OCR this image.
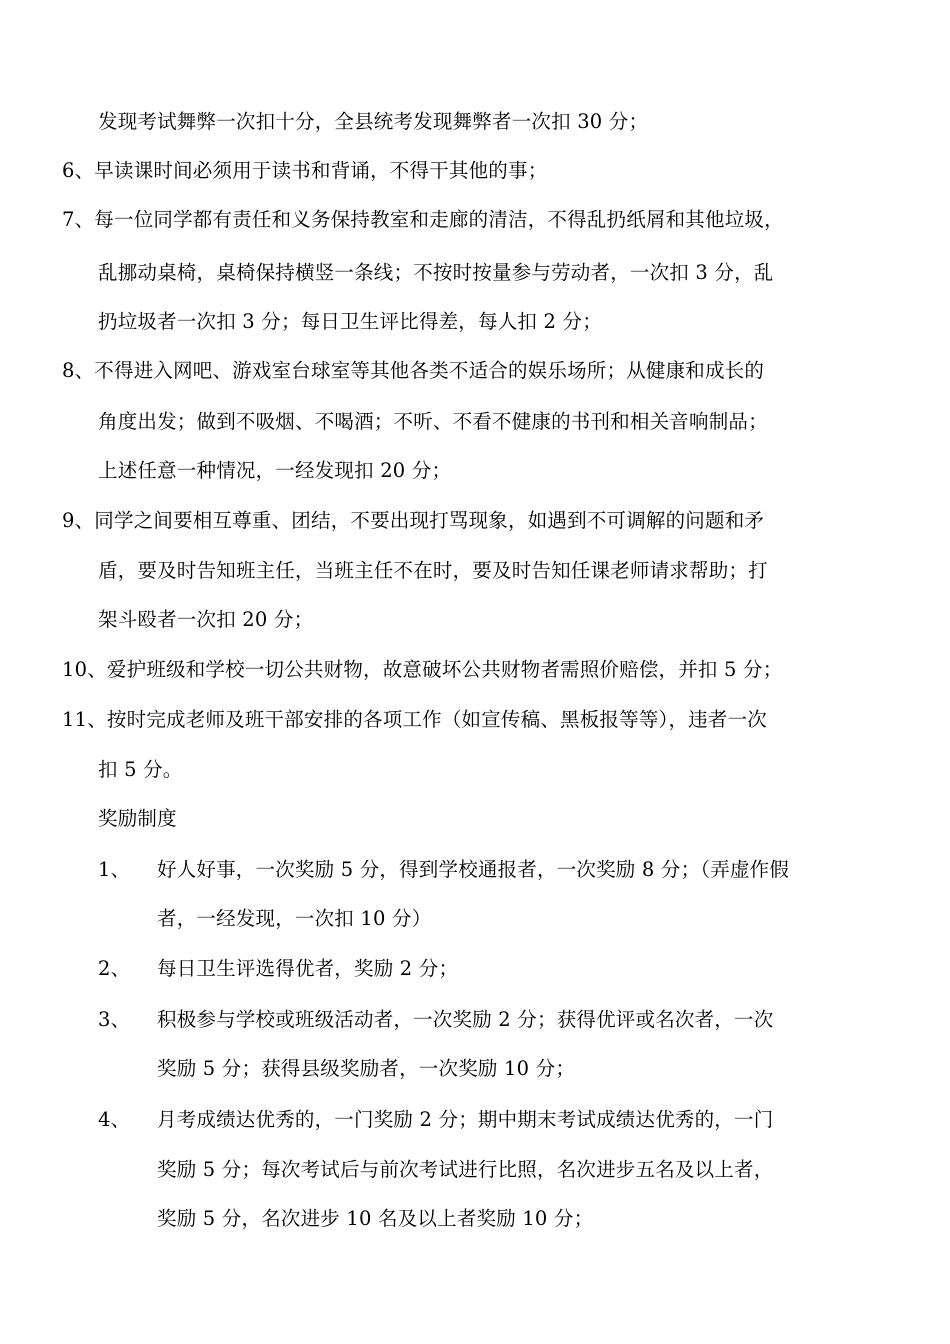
发现考试舞弊一次扣十分，全县统考发现舞弊者一次扣 30 分；
6、早读课时间必须用于读书和背诵，不得干其他的事；
7、每一位同学都有责任和义务保持教室和走廊的清洁，不得乱扔纸屑和其他垃圾，
乱挪动桌椅，桌椅保持横竖一条线；不按时按量参与劳动者，一次扣 3 分，乱
扔垃圾者一次扣 3 分；每日卫生评比得差，每人扣 2 分；
8、不得进入网吧、游戏室台球室等其他各类不适合的娱乐场所；从健康和成长的
角度出发；做到不吸烟、不喝酒；不听、不看不健康的书刊和相关音响制品；
上述任意一种情况，一经发现扣 20 分；
9、同学之间要相互尊重、团结，不要出现打骂现象，如遇到不可调解的问题和矛
盾，要及时告知班主任，当班主任不在时，要及时告知任课老师请求帮助；打
架斗殴者一次扣 20 分；
10、爱护班级和学校一切公共财物，故意破坏公共财物者需照价赔偿，并扣 5 分；
11、按时完成老师及班干部安排的各项工作（如宣传稿、黑板报等等），违者一次
扣 5 分。
奖励制度
1、 好人好事，一次奖励 5 分，得到学校通报者，一次奖励 8 分；（弄虚作假
者，一经发现，一次扣 10 分）
2、 每日卫生评选得优者，奖励 2 分；
3、 积极参与学校或班级活动者，一次奖励 2 分；获得优评或名次者，一次
奖励 5 分；获得县级奖励者，一次奖励 10 分；
4、 月考成绩达优秀的，一门奖励 2 分；期中期末考试成绩达优秀的，一门
奖励 5 分；每次考试后与前次考试进行比照，名次进步五名及以上者，
奖励 5 分，名次进步 10 名及以上者奖励 10 分；
